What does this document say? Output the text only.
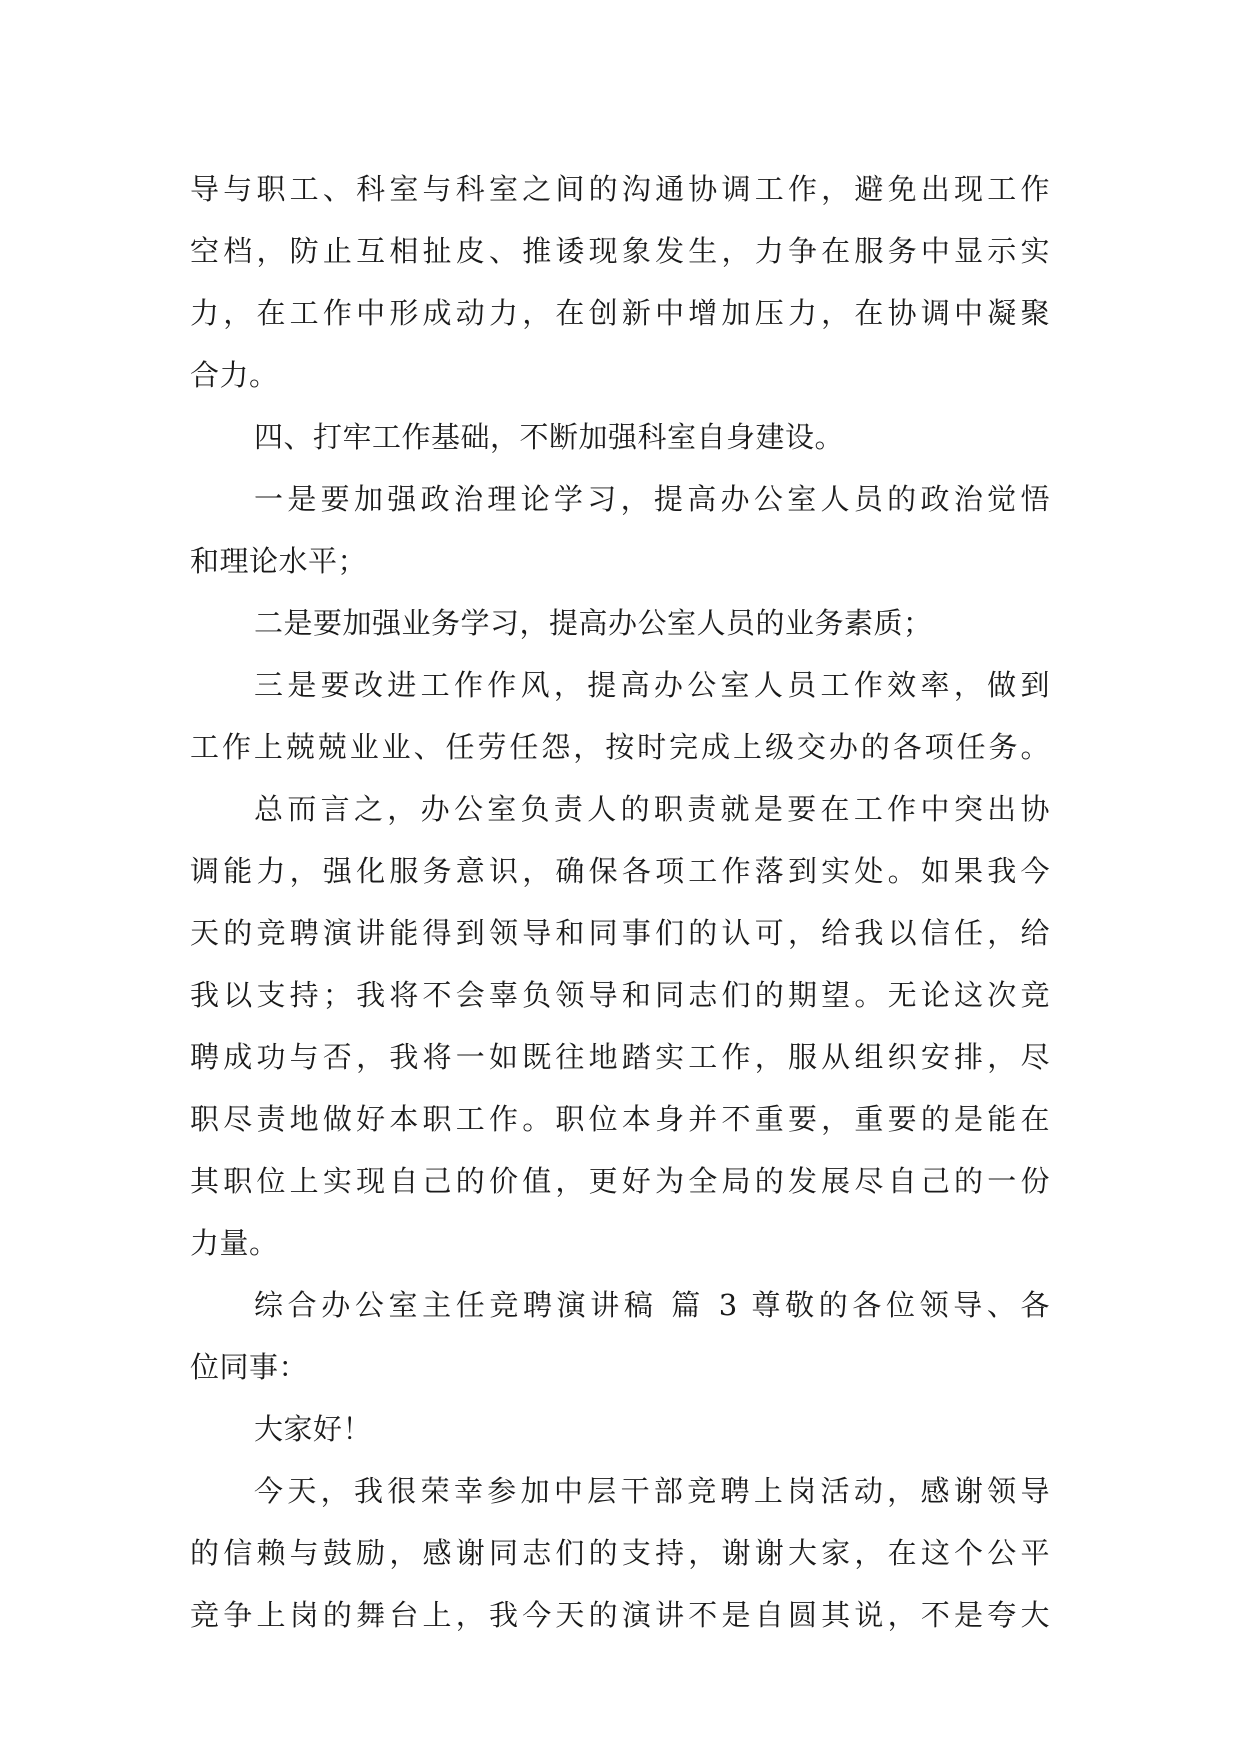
导与职工、科室与科室之间的沟通协调工作，避免出现工作
空档，防止互相扯皮、推诿现象发生，力争在服务中显示实
力，在工作中形成动力，在创新中增加压力，在协调中凝聚
合力。
四、打牢工作基础，不断加强科室自身建设。
一是要加强政治理论学习，提高办公室人员的政治觉悟
和理论水平；
二是要加强业务学习，提高办公室人员的业务素质；
三是要改进工作作风，提高办公室人员工作效率，做到
工作上兢兢业业、任劳任怨，按时完成上级交办的各项任务。
总而言之，办公室负责人的职责就是要在工作中突出协
调能力，强化服务意识，确保各项工作落到实处。如果我今
天的竞聘演讲能得到领导和同事们的认可，给我以信任，给
我以支持；我将不会辜负领导和同志们的期望。无论这次竞
聘成功与否，我将一如既往地踏实工作，服从组织安排，尽
职尽责地做好本职工作。职位本身并不重要，重要的是能在
其职位上实现自己的价值，更好为全局的发展尽自己的一份
力量。
综合办公室主任竞聘演讲稿 篇 3 尊敬的各位领导、各
位同事：
大家好！
今天，我很荣幸参加中层干部竞聘上岗活动，感谢领导
的信赖与鼓励，感谢同志们的支持，谢谢大家，在这个公平
竞争上岗的舞台上，我今天的演讲不是自圆其说，不是夸大
